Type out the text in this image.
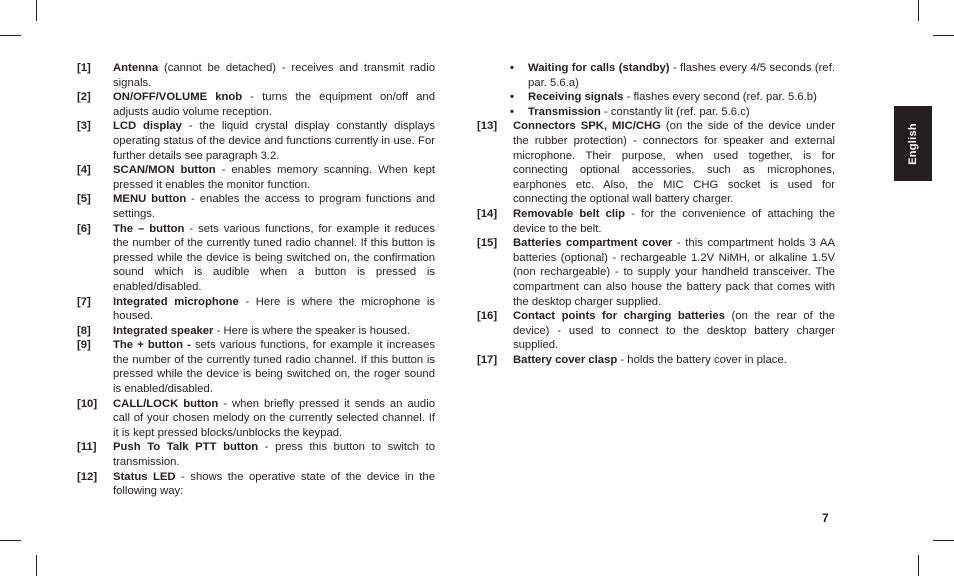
[1] Antenna (cannot be detached) - receives and transmit radio signals.
[2] ON/OFF/VOLUME knob - turns the equipment on/off and adjusts audio volume reception.
[3] LCD display - the liquid crystal display constantly displays operating status of the device and functions currently in use. For further details see paragraph 3.2.
[4] SCAN/MON button - enables memory scanning. When kept pressed it enables the monitor function.
[5] MENU button - enables the access to program functions and settings.
[6] The – button - sets various functions, for example it reduces the number of the currently tuned radio channel. If this button is pressed while the device is being switched on, the confirmation sound which is audible when a button is pressed is enabled/disabled.
[7] Integrated microphone - Here is where the microphone is housed.
[8] Integrated speaker - Here is where the speaker is housed.
[9] The + button - sets various functions, for example it increases the number of the currently tuned radio channel. If this button is pressed while the device is being switched on, the roger sound is enabled/disabled.
[10] CALL/LOCK button - when briefly pressed it sends an audio call of your chosen melody on the currently selected channel. If it is kept pressed blocks/unblocks the keypad.
[11] Push To Talk PTT button - press this button to switch to transmission.
[12] Status LED - shows the operative state of the device in the following way:
• Waiting for calls (standby) - flashes every 4/5 seconds (ref. par. 5.6.a)
• Receiving signals - flashes every second (ref. par. 5.6.b)
• Transmission - constantly lit (ref. par. 5.6.c)
[13] Connectors SPK, MIC/CHG (on the side of the device under the rubber protection) - connectors for speaker and external microphone. Their purpose, when used together, is for connecting optional accessories, such as microphones, earphones etc. Also, the MIC CHG socket is used for connecting the optional wall battery charger.
[14] Removable belt clip - for the convenience of attaching the device to the belt.
[15] Batteries compartment cover - this compartment holds 3 AA batteries (optional) - rechargeable 1.2V NiMH, or alkaline 1.5V (non rechargeable) - to supply your handheld transceiver. The compartment can also house the battery pack that comes with the desktop charger supplied.
[16] Contact points for charging batteries (on the rear of the device) - used to connect to the desktop battery charger supplied.
[17] Battery cover clasp - holds the battery cover in place.
English
7
